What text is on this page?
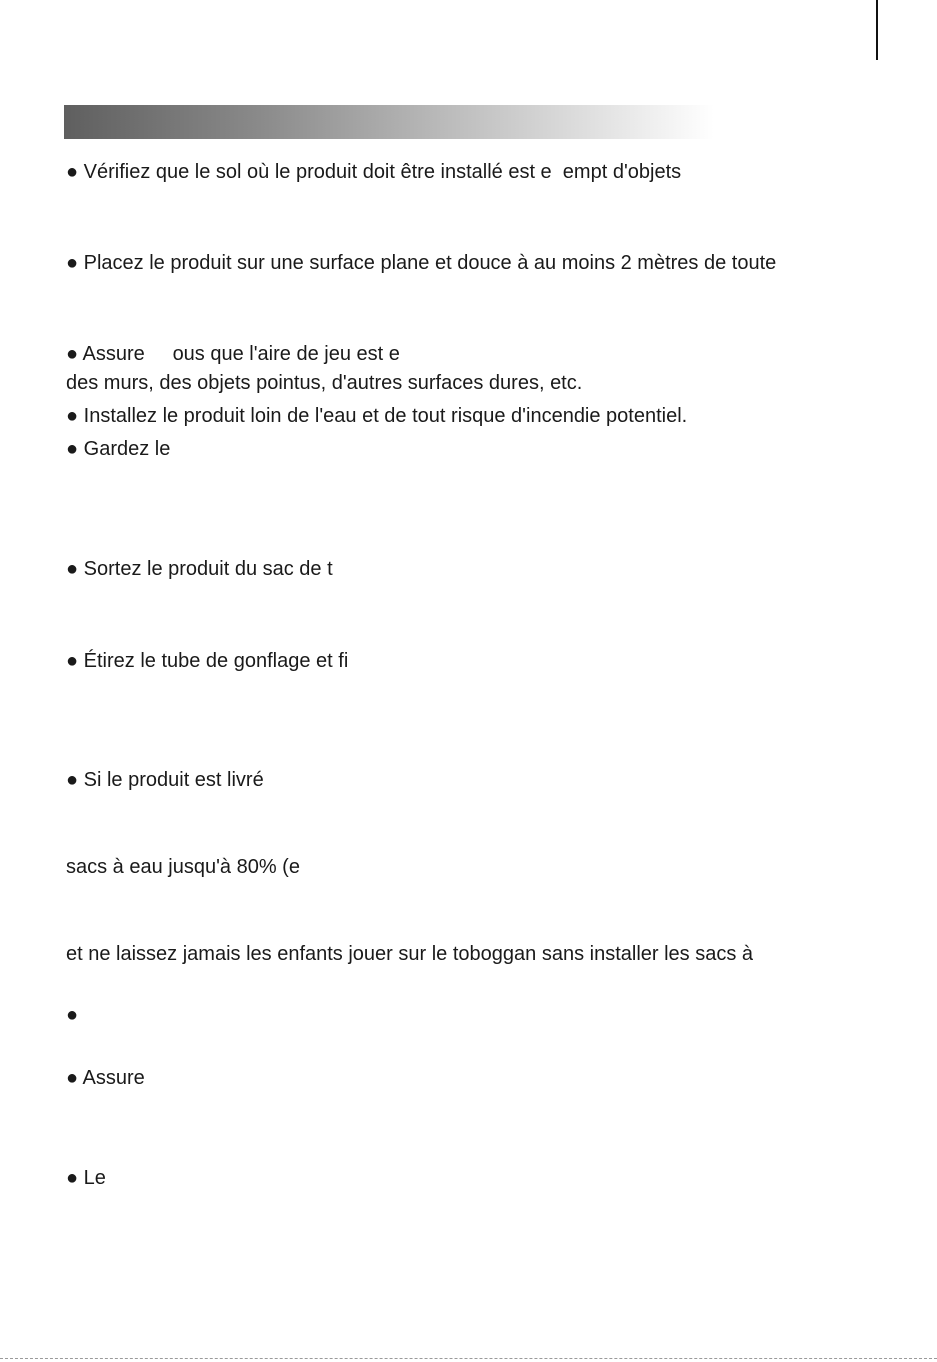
● Vérifiez que le sol où le produit doit être installé est e  empt d'objets
● Placez le produit sur une surface plane et douce à au moins 2 mètres de toute
● Assure     ous que l'aire de jeu est e
des murs, des objets pointus, d'autres surfaces dures, etc.
● Installez le produit loin de l'eau et de tout risque d'incendie potentiel.
● Gardez le
● Sortez le produit du sac de t
● Étirez le tube de gonflage et fi
● Si le produit est livré
sacs à eau jusqu'à 80% (e
et ne laissez jamais les enfants jouer sur le toboggan sans installer les sacs à
●
● Assure
● Le
